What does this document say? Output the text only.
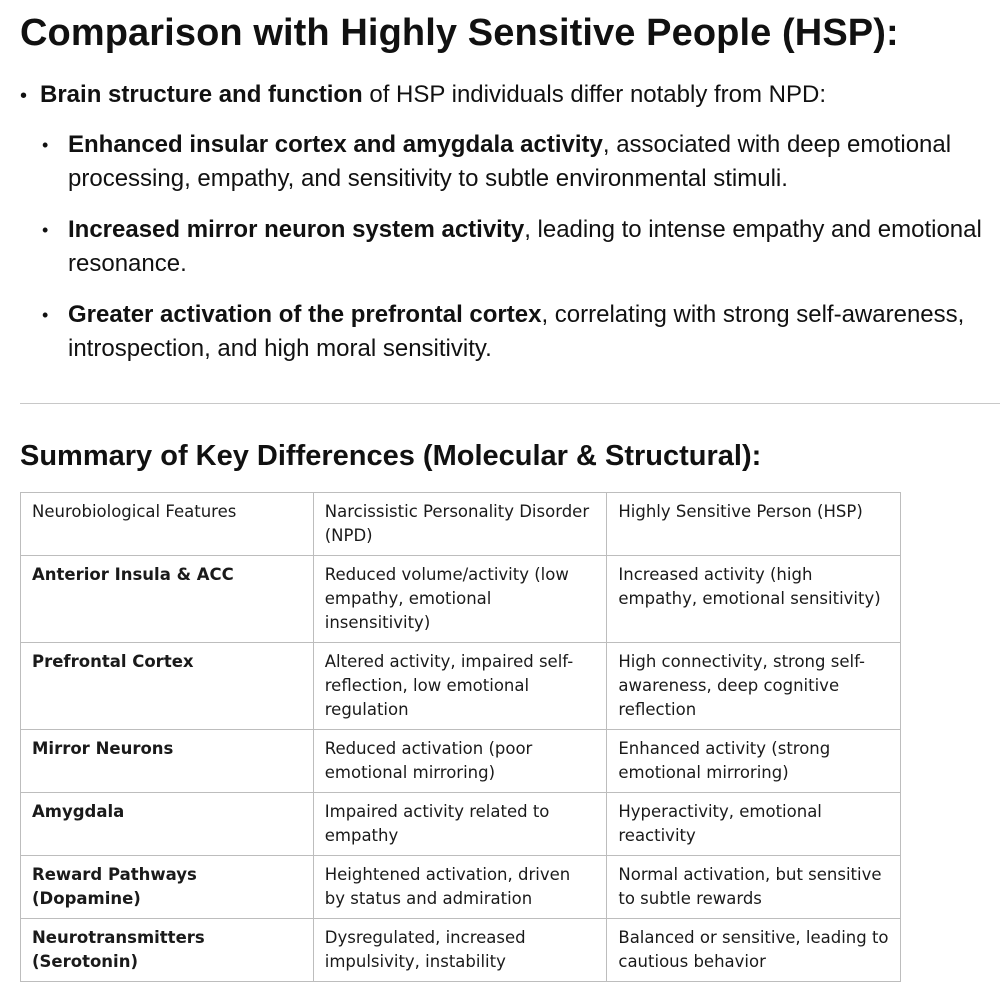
Comparison with Highly Sensitive People (HSP):
• Brain structure and function of HSP individuals differ notably from NPD:
• Enhanced insular cortex and amygdala activity, associated with deep emotional processing, empathy, and sensitivity to subtle environmental stimuli.
• Increased mirror neuron system activity, leading to intense empathy and emotional resonance.
• Greater activation of the prefrontal cortex, correlating with strong self-awareness, introspection, and high moral sensitivity.
Summary of Key Differences (Molecular & Structural):
Neurobiological Features	Narcissistic Personality Disorder (NPD)	Highly Sensitive Person (HSP)
Anterior Insula & ACC	Reduced volume/activity (low empathy, emotional insensitivity)	Increased activity (high empathy, emotional sensitivity)
Prefrontal Cortex	Altered activity, impaired self-reflection, low emotional regulation	High connectivity, strong self-awareness, deep cognitive reflection
Mirror Neurons	Reduced activation (poor emotional mirroring)	Enhanced activity (strong emotional mirroring)
Amygdala	Impaired activity related to empathy	Hyperactivity, emotional reactivity
Reward Pathways (Dopamine)	Heightened activation, driven by status and admiration	Normal activation, but sensitive to subtle rewards
Neurotransmitters (Serotonin)	Dysregulated, increased impulsivity, instability	Balanced or sensitive, leading to cautious behavior
